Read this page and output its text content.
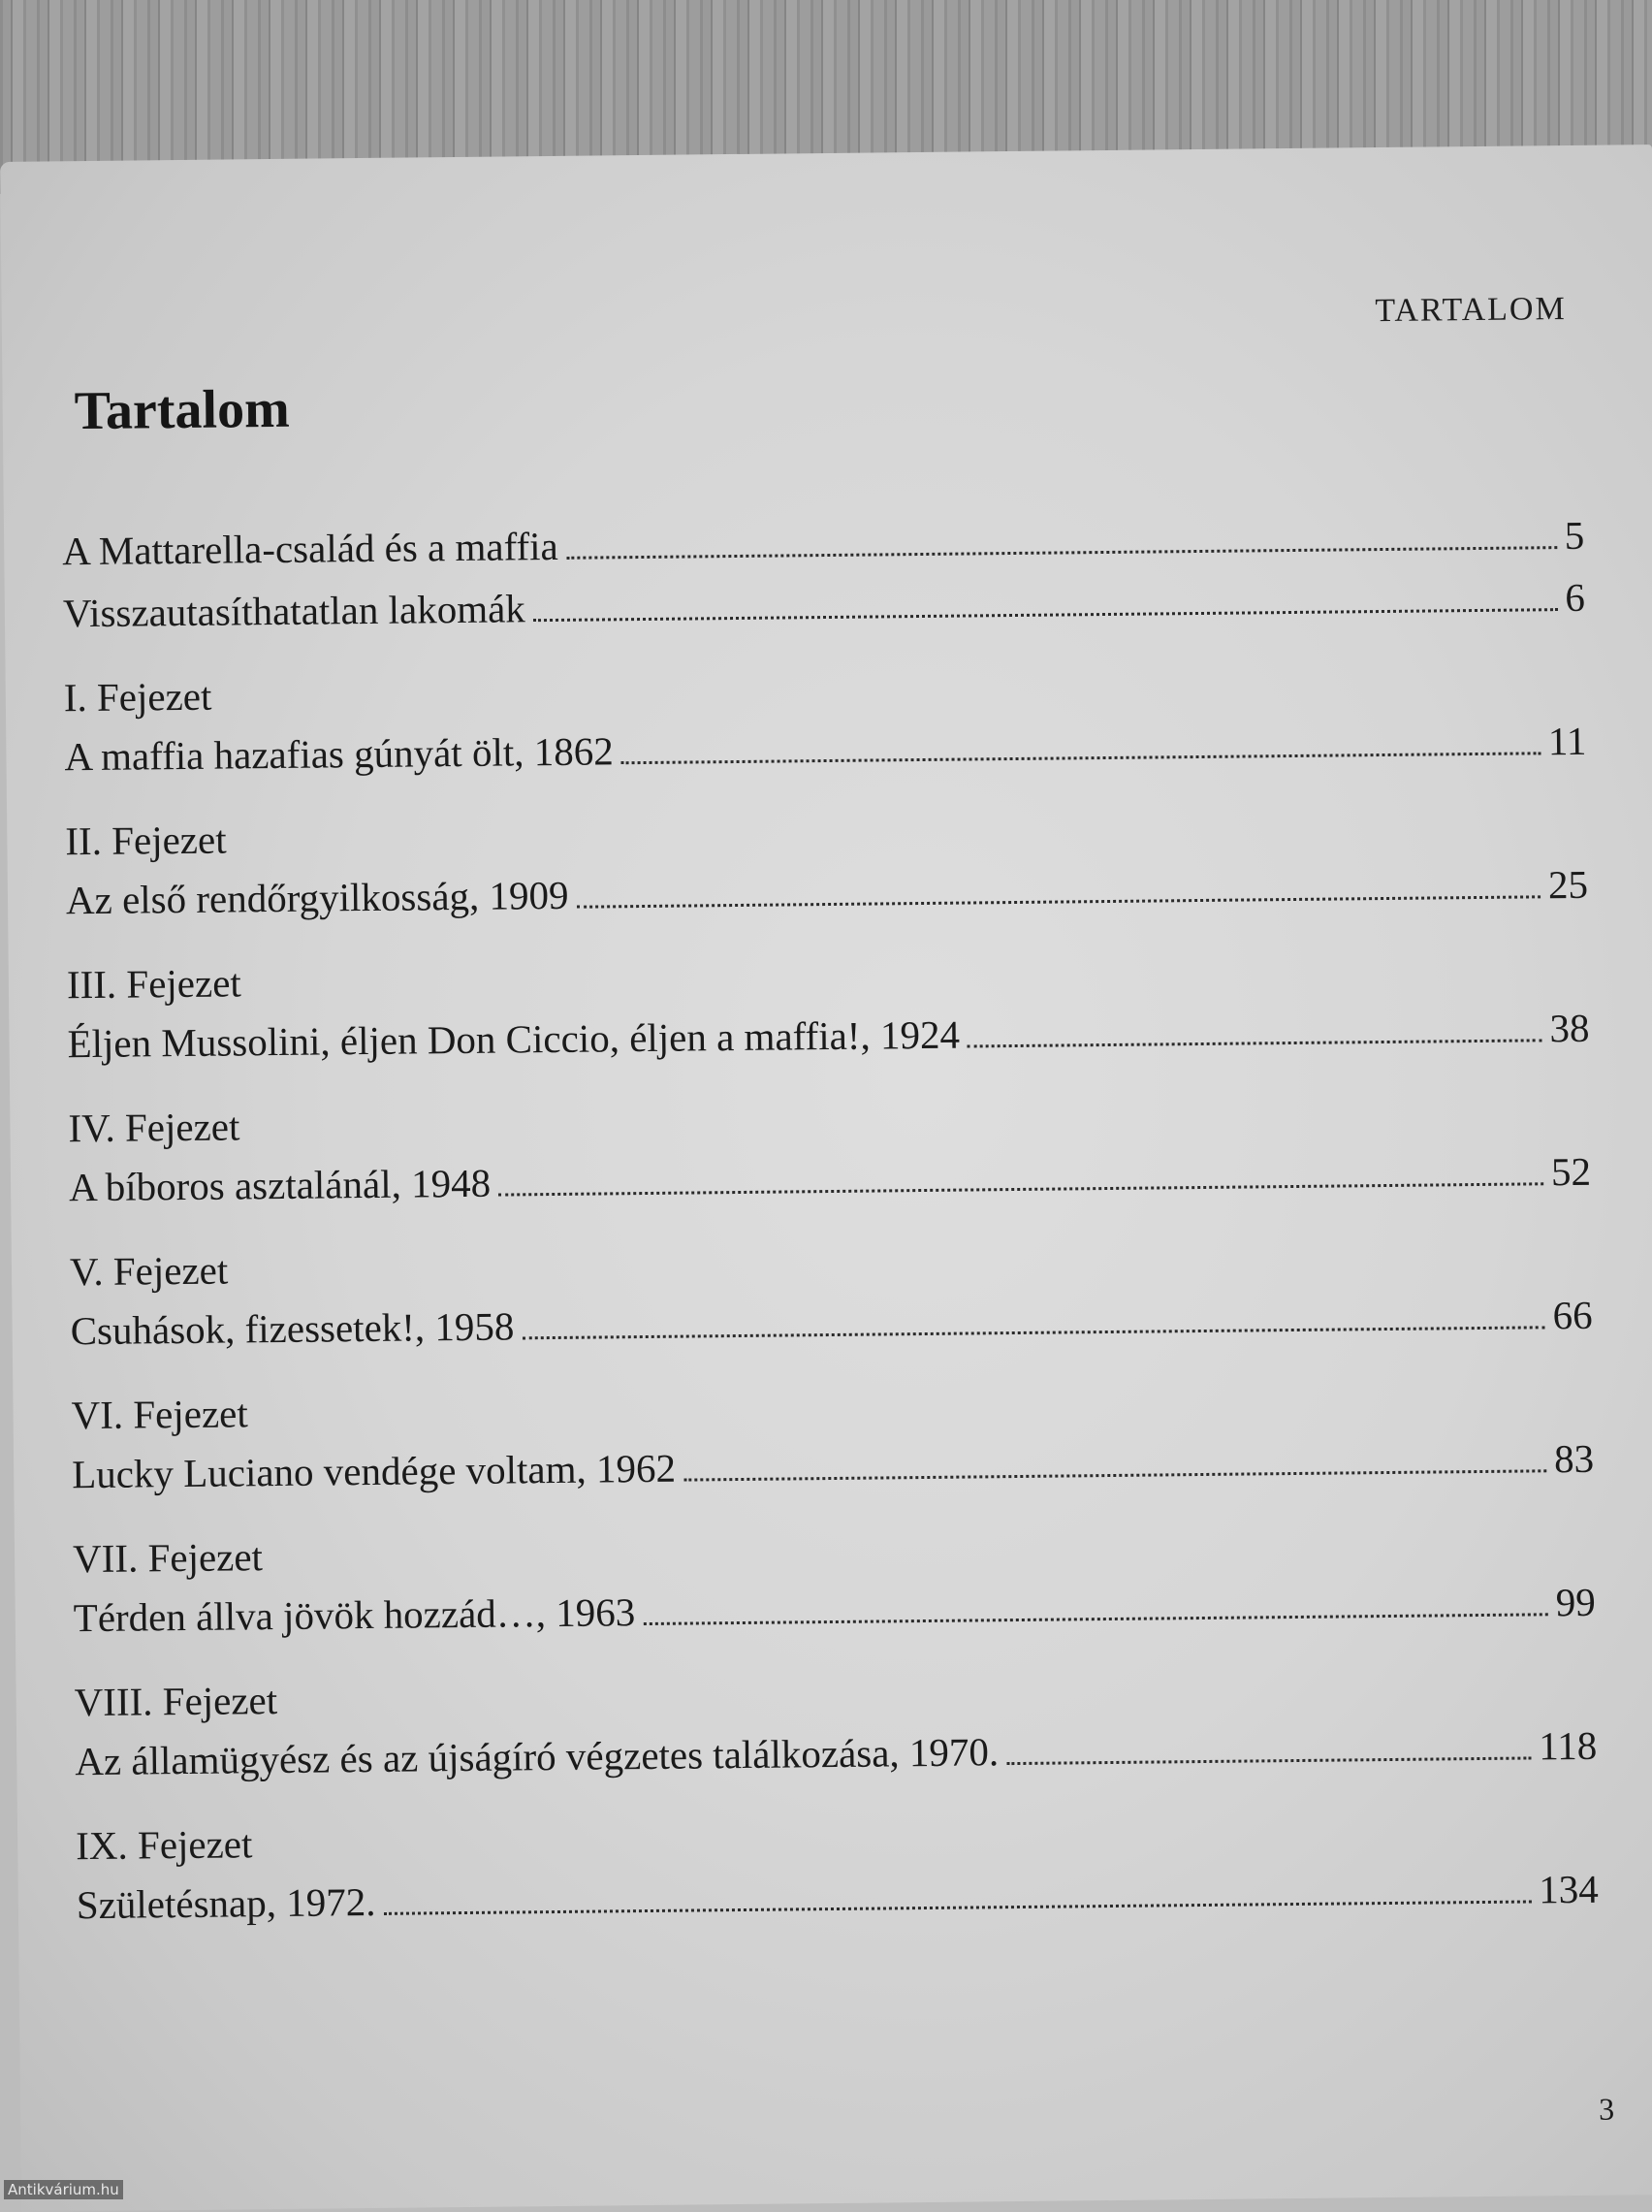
TARTALOM
Tartalom
A Mattarella-család és a maffia	5
Visszautasíthatatlan lakomák	6
I. Fejezet
A maffia hazafias gúnyát ölt, 1862	11
II. Fejezet
Az első rendőrgyilkosság, 1909	25
III. Fejezet
Éljen Mussolini, éljen Don Ciccio, éljen a maffia!, 1924	38
IV. Fejezet
A bíboros asztalánál, 1948	52
V. Fejezet
Csuhások, fizessetek!, 1958	66
VI. Fejezet
Lucky Luciano vendége voltam, 1962	83
VII. Fejezet
Térden állva jövök hozzád…, 1963	99
VIII. Fejezet
Az államügyész és az újságíró végzetes találkozása, 1970.	118
IX. Fejezet
Születésnap, 1972.	134
3
Antikvárium.hu
